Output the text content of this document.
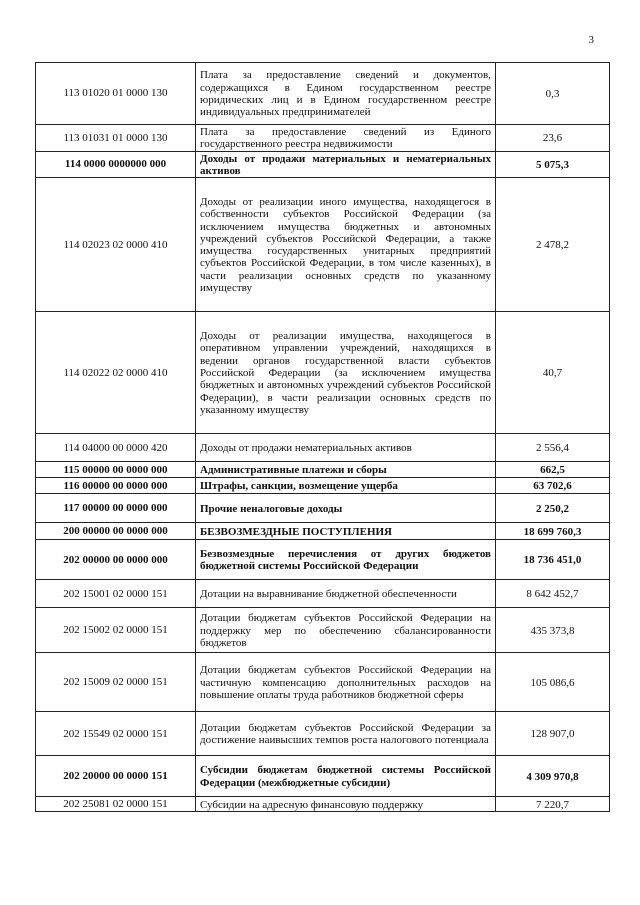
3
113 01020 01 0000 130	Плата за предоставление сведений и документов, содержащихся в Едином государственном реестре юридических лиц и в Едином государственном реестре индивидуальных предпринимателей	0,3
113 01031 01 0000 130	Плата за предоставление сведений из Единого государственного реестра недвижимости	23,6
114 0000 0000000 000	Доходы от продажи материальных и нематериальных активов	5 075,3
114 02023 02 0000 410	Доходы от реализации иного имущества, находящегося в собственности субъектов Российской Федерации (за исключением имущества бюджетных и автономных учреждений субъектов Российской Федерации, а также имущества государственных унитарных предприятий субъектов Российской Федерации, в том числе казенных), в части реализации основных средств по указанному имуществу	2 478,2
114 02022 02 0000 410	Доходы от реализации имущества, находящегося в оперативном управлении учреждений, находящихся в ведении органов государственной власти субъектов Российской Федерации (за исключением имущества бюджетных и автономных учреждений субъектов Российской Федерации), в части реализации основных средств по указанному имуществу	40,7
114 04000 00 0000 420	Доходы от продажи нематериальных активов	2 556,4
115 00000 00 0000 000	Административные платежи и сборы	662,5
116 00000 00 0000 000	Штрафы, санкции, возмещение ущерба	63 702,6
117 00000 00 0000 000	Прочие неналоговые доходы	2 250,2
200 00000 00 0000 000	БЕЗВОЗМЕЗДНЫЕ ПОСТУПЛЕНИЯ	18 699 760,3
202 00000 00 0000 000	Безвозмездные перечисления от других бюджетов бюджетной системы Российской Федерации	18 736 451,0
202 15001 02 0000 151	Дотации на выравнивание бюджетной обеспеченности	8 642 452,7
202 15002 02 0000 151	Дотации бюджетам субъектов Российской Федерации на поддержку мер по обеспечению сбалансированности бюджетов	435 373,8
202 15009 02 0000 151	Дотации бюджетам субъектов Российской Федерации на частичную компенсацию дополнительных расходов на повышение оплаты труда работников бюджетной сферы	105 086,6
202 15549 02 0000 151	Дотации бюджетам субъектов Российской Федерации за достижение наивысших темпов роста налогового потенциала	128 907,0
202 20000 00 0000 151	Субсидии бюджетам бюджетной системы Российской Федерации (межбюджетные субсидии)	4 309 970,8
202 25081 02 0000 151	Субсидии на адресную финансовую поддержку	7 220,7
